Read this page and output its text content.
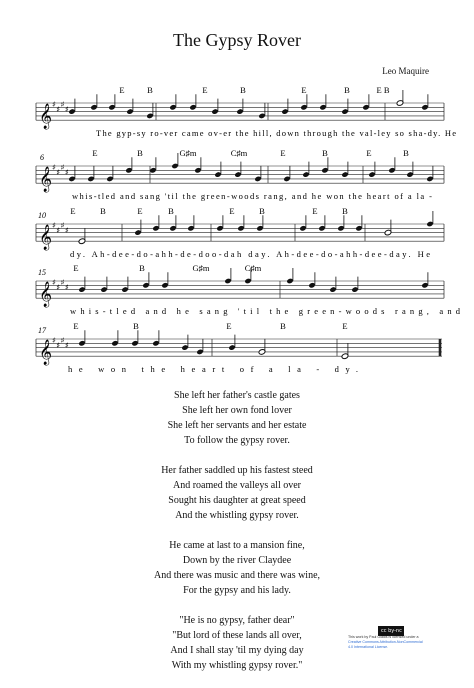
The Gypsy Rover
Leo Maquire
𝄞 ♯
♯
♯
♯
E	B	E	B	E	B	E B
The gyp-sy ro-ver came ov-er the hill, down through the val-ley so sha-dy. He
𝄞 ♯
♯
♯
♯
E	B	G♯m	C♯m	E	B	E	B
6
whis-tled and sang 'til the green-woods rang, and he won the heart of a la -
𝄞 ♯
♯
♯
♯
E	B	E	B	E	B	E	B
10
dy. Ah-dee-do-ahh-de-doo-dah day. Ah-dee-do-ahh-dee-day. He
𝄞 ♯
♯
♯
♯
E	B	G♯m	C♯m
15
whis-tled and he sang 'til the green-woods rang, and
𝄞 ♯
♯
♯
♯
E	B	E	B	E
17
he won the heart of a la - dy.
She left her father's castle gates
She left her own fond lover
She left her servants and her estate
To follow the gypsy rover.
Her father saddled up his fastest steed
And roamed the valleys all over
Sought his daughter at great speed
And the whistling gypsy rover.
He came at last to a mansion fine,
Down by the river Claydee
And there was music and there was wine,
For the gypsy and his lady.
"He is no gypsy, father dear"
"But lord of these lands all over,
And I shall stay 'til my dying day
With my whistling gypsy rover."
cc by-nc
This work by Paul Gladis is licensed under a
Creative Commons Attribution-NonCommercial
4.0 International License.
